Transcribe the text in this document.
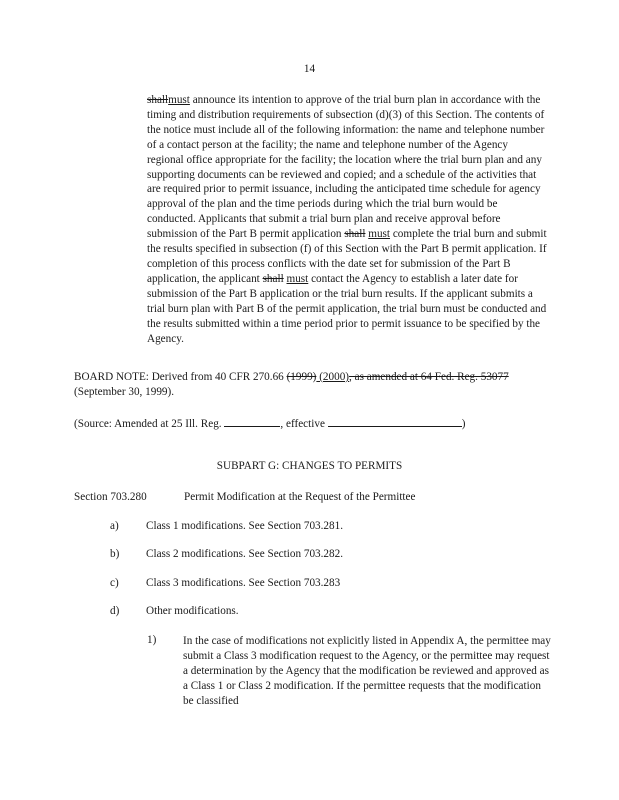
14
shallmust announce its intention to approve of the trial burn plan in accordance with the timing and distribution requirements of subsection (d)(3) of this Section. The contents of the notice must include all of the following information: the name and telephone number of a contact person at the facility; the name and telephone number of the Agency regional office appropriate for the facility; the location where the trial burn plan and any supporting documents can be reviewed and copied; and a schedule of the activities that are required prior to permit issuance, including the anticipated time schedule for agency approval of the plan and the time periods during which the trial burn would be conducted. Applicants that submit a trial burn plan and receive approval before submission of the Part B permit application shall must complete the trial burn and submit the results specified in subsection (f) of this Section with the Part B permit application. If completion of this process conflicts with the date set for submission of the Part B application, the applicant shall must contact the Agency to establish a later date for submission of the Part B application or the trial burn results. If the applicant submits a trial burn plan with Part B of the permit application, the trial burn must be conducted and the results submitted within a time period prior to permit issuance to be specified by the Agency.
BOARD NOTE: Derived from 40 CFR 270.66 (1999) (2000), as amended at 64 Fed. Reg. 53077 (September 30, 1999).
(Source: Amended at 25 Ill. Reg.	, effective	)
SUBPART G: CHANGES TO PERMITS
Section 703.280	Permit Modification at the Request of the Permittee
a) Class 1 modifications. See Section 703.281.
b) Class 2 modifications. See Section 703.282.
c) Class 3 modifications. See Section 703.283
d) Other modifications.
1) In the case of modifications not explicitly listed in Appendix A, the permittee may submit a Class 3 modification request to the Agency, or the permittee may request a determination by the Agency that the modification be reviewed and approved as a Class 1 or Class 2 modification. If the permittee requests that the modification be classified
